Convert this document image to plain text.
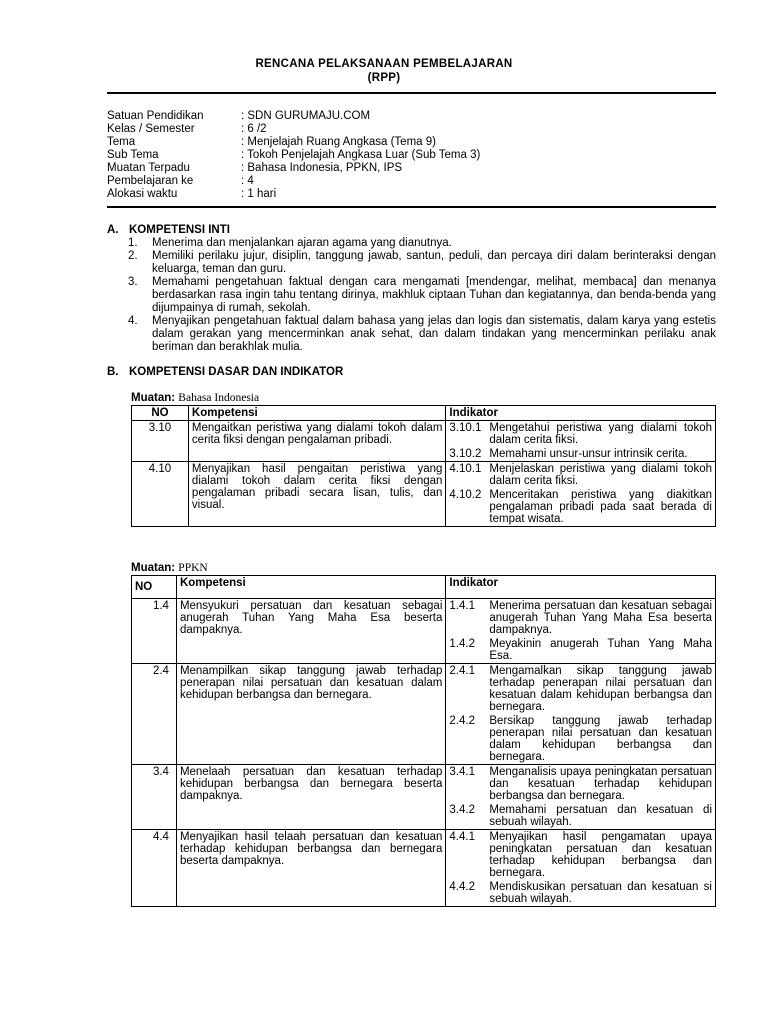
RENCANA PELAKSANAAN PEMBELAJARAN
(RPP)
Satuan Pendidikan	: SDN GURUMAJU.COM
Kelas / Semester	: 6 /2
Tema	: Menjelajah Ruang Angkasa (Tema 9)
Sub Tema	: Tokoh Penjelajah Angkasa Luar (Sub Tema 3)
Muatan Terpadu	: Bahasa Indonesia, PPKN, IPS
Pembelajaran ke	: 4
Alokasi waktu	: 1 hari
A. KOMPETENSI INTI
1.	Menerima dan menjalankan ajaran agama yang dianutnya.
2.	Memiliki perilaku jujur, disiplin, tanggung jawab, santun, peduli, dan percaya diri dalam berinteraksi dengan keluarga, teman dan guru.
3.	Memahami pengetahuan faktual dengan cara mengamati [mendengar, melihat, membaca] dan menanya berdasarkan rasa ingin tahu tentang dirinya, makhluk ciptaan Tuhan dan kegiatannya, dan benda-benda yang dijumpainya di rumah, sekolah.
4.	Menyajikan pengetahuan faktual dalam bahasa yang jelas dan logis dan sistematis, dalam karya yang estetis dalam gerakan yang mencerminkan anak sehat, dan dalam tindakan yang mencerminkan perilaku anak beriman dan berakhlak mulia.
B. KOMPETENSI DASAR DAN INDIKATOR
Muatan: Bahasa Indonesia
NO	Kompetensi	Indikator
3.10	Mengaitkan peristiwa yang dialami tokoh dalam cerita fiksi dengan pengalaman pribadi.	3.10.1 Mengetahui peristiwa yang dialami tokoh dalam cerita fiksi.
3.10.2 Memahami unsur-unsur intrinsik cerita.

4.10	Menyajikan hasil pengaitan peristiwa yang dialami tokoh dalam cerita fiksi dengan pengalaman pribadi secara lisan, tulis, dan visual.	4.10.1 Menjelaskan peristiwa yang dialami tokoh dalam cerita fiksi.
4.10.2 Menceritakan peristiwa yang diakitkan pengalaman pribadi pada saat berada di tempat wisata.
Muatan: PPKN
NO	Kompetensi	Indikator
1.4	Mensyukuri persatuan dan kesatuan sebagai anugerah Tuhan Yang Maha Esa beserta dampaknya.	1.4.1 Menerima persatuan dan kesatuan sebagai anugerah Tuhan Yang Maha Esa beserta dampaknya.
1.4.2 Meyakinin anugerah Tuhan Yang Maha Esa.

2.4	Menampilkan sikap tanggung jawab terhadap penerapan nilai persatuan dan kesatuan dalam kehidupan berbangsa dan bernegara.	2.4.1 Mengamalkan sikap tanggung jawab terhadap penerapan nilai persatuan dan kesatuan dalam kehidupan berbangsa dan bernegara.
2.4.2 Bersikap tanggung jawab terhadap penerapan nilai persatuan dan kesatuan dalam kehidupan berbangsa dan bernegara.

3.4	Menelaah persatuan dan kesatuan terhadap kehidupan berbangsa dan bernegara beserta dampaknya.	3.4.1 Menganalisis upaya peningkatan persatuan dan kesatuan terhadap kehidupan berbangsa dan bernegara.
3.4.2 Memahami persatuan dan kesatuan di sebuah wilayah.

4.4	Menyajikan hasil telaah persatuan dan kesatuan terhadap kehidupan berbangsa dan bernegara beserta dampaknya.	4.4.1 Menyajikan hasil pengamatan upaya peningkatan persatuan dan kesatuan terhadap kehidupan berbangsa dan bernegara.
4.4.2 Mendiskusikan persatuan dan kesatuan si sebuah wilayah.
